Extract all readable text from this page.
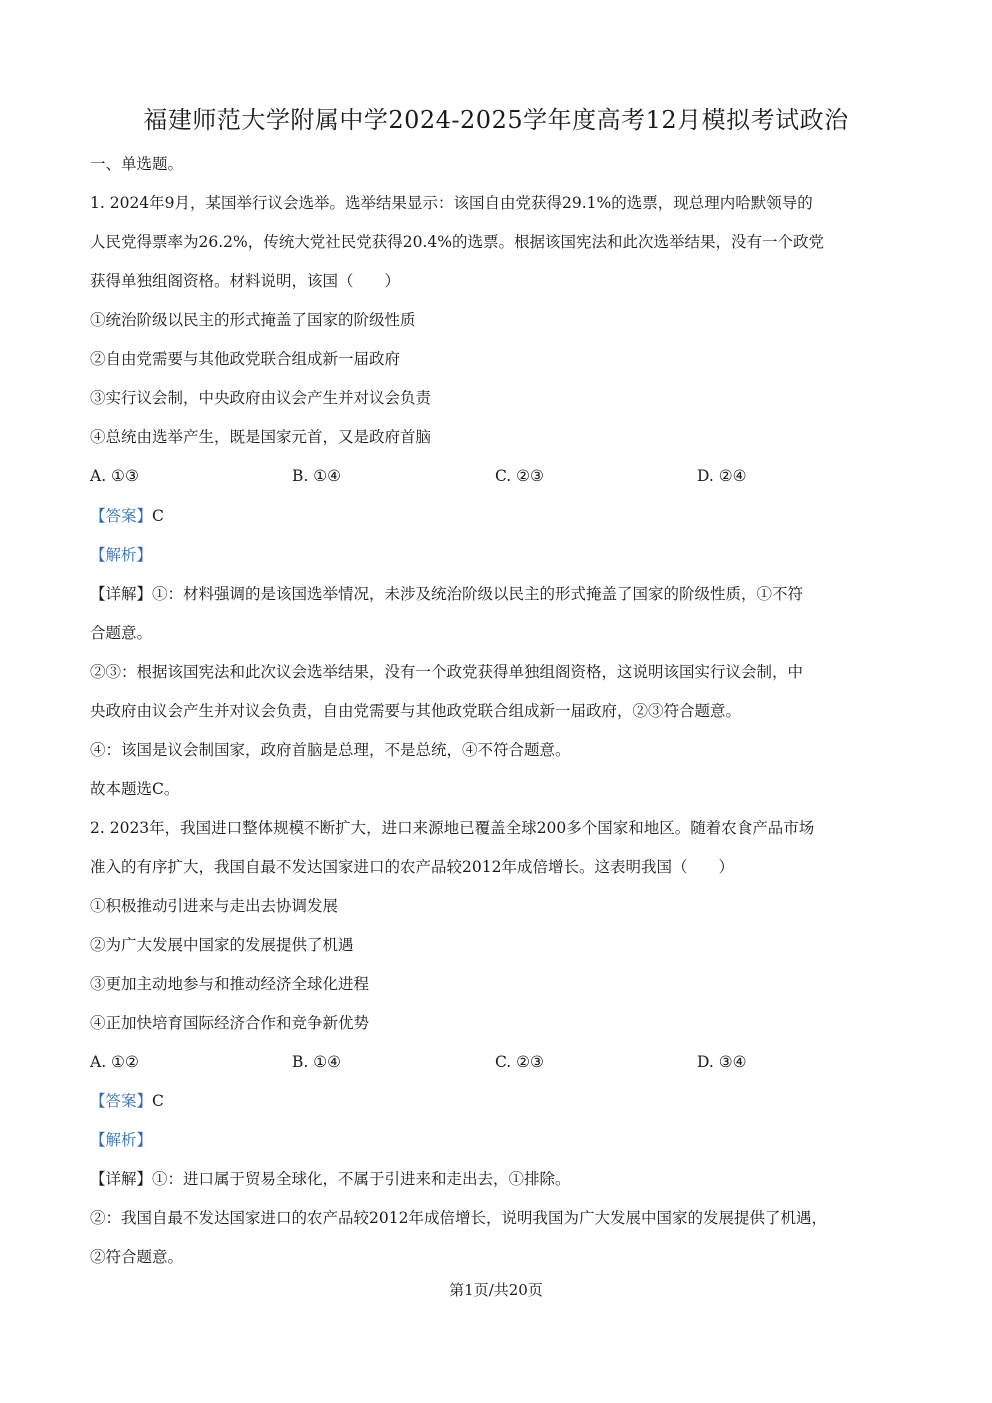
福建师范大学附属中学2024-2025学年度高考12月模拟考试政治
一、单选题。
1. 2024年9月，某国举行议会选举。选举结果显示：该国自由党获得29.1%的选票，现总理内哈默领导的
人民党得票率为26.2%，传统大党社民党获得20.4%的选票。根据该国宪法和此次选举结果，没有一个政党
获得单独组阁资格。材料说明，该国（　　）
①统治阶级以民主的形式掩盖了国家的阶级性质
②自由党需要与其他政党联合组成新一届政府
③实行议会制，中央政府由议会产生并对议会负责
④总统由选举产生，既是国家元首，又是政府首脑
A. ①③	B. ①④	C. ②③	D. ②④
【答案】C
【解析】
【详解】①：材料强调的是该国选举情况，未涉及统治阶级以民主的形式掩盖了国家的阶级性质，①不符
合题意。
②③：根据该国宪法和此次议会选举结果，没有一个政党获得单独组阁资格，这说明该国实行议会制，中
央政府由议会产生并对议会负责，自由党需要与其他政党联合组成新一届政府，②③符合题意。
④：该国是议会制国家，政府首脑是总理，不是总统，④不符合题意。
故本题选C。
2. 2023年，我国进口整体规模不断扩大，进口来源地已覆盖全球200多个国家和地区。随着农食产品市场
准入的有序扩大，我国自最不发达国家进口的农产品较2012年成倍增长。这表明我国（　　）
①积极推动引进来与走出去协调发展
②为广大发展中国家的发展提供了机遇
③更加主动地参与和推动经济全球化进程
④正加快培育国际经济合作和竞争新优势
A. ①②	B. ①④	C. ②③	D. ③④
【答案】C
【解析】
【详解】①：进口属于贸易全球化，不属于引进来和走出去，①排除。
②：我国自最不发达国家进口的农产品较2012年成倍增长，说明我国为广大发展中国家的发展提供了机遇，
②符合题意。
第1页/共20页
